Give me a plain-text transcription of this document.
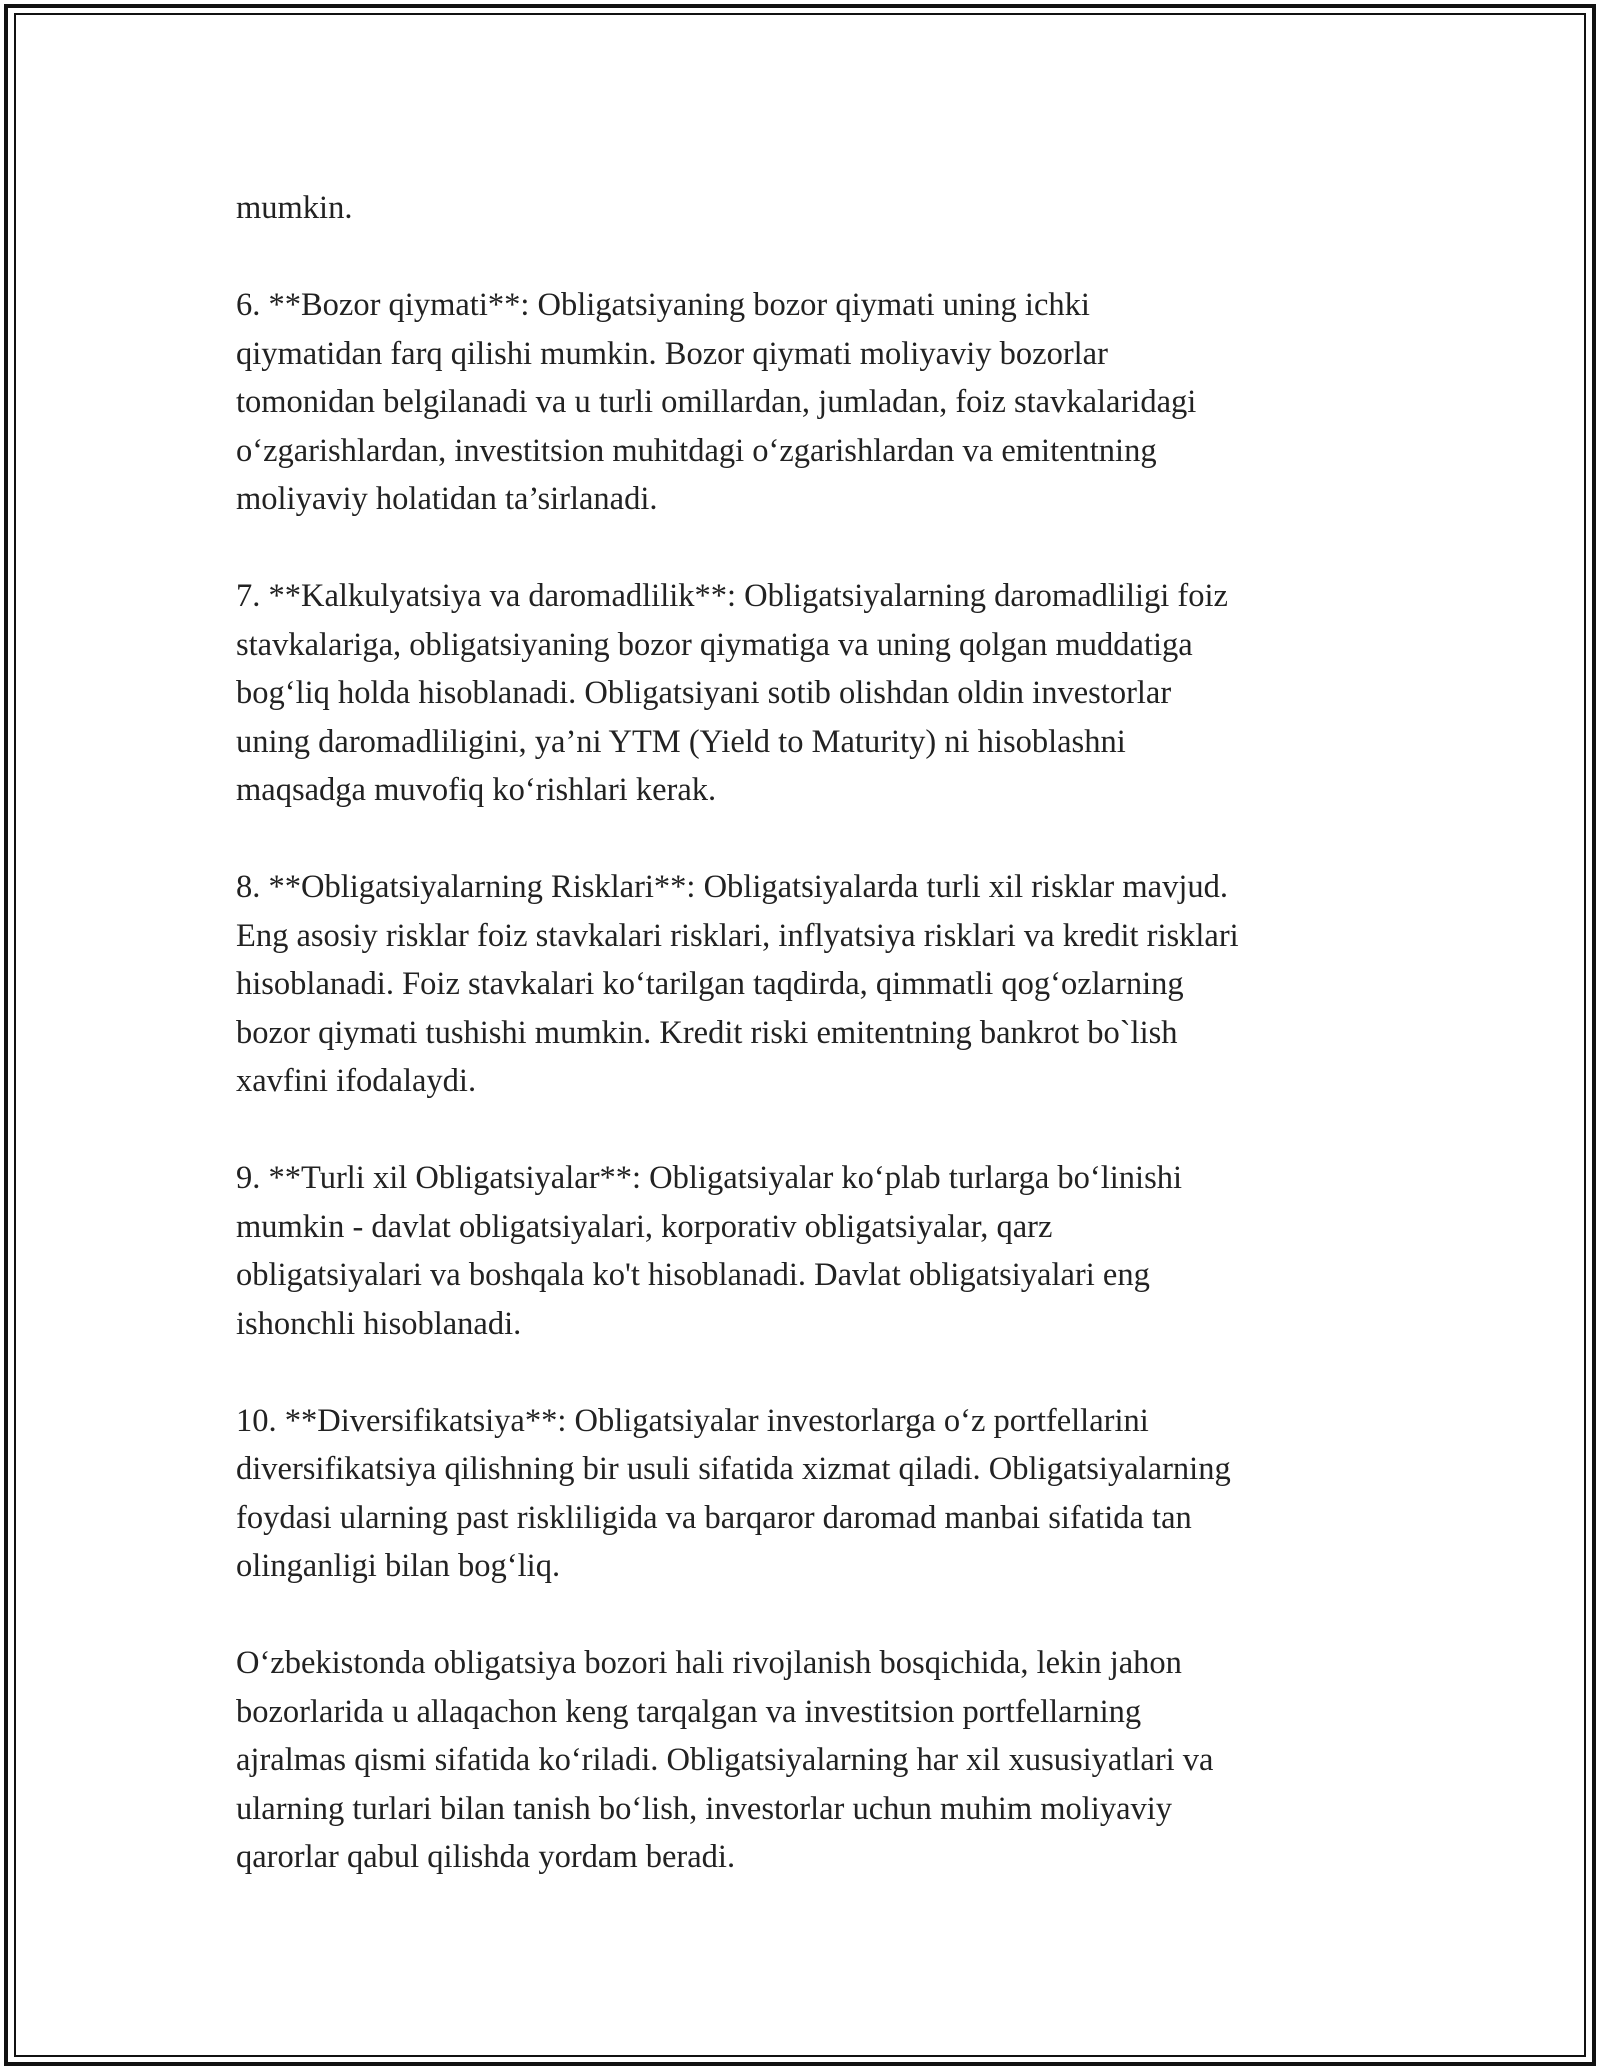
mumkin.

6. **Bozor qiymati**: Obligatsiyaning bozor qiymati uning ichki
qiymatidan farq qilishi mumkin. Bozor qiymati moliyaviy bozorlar
tomonidan belgilanadi va u turli omillardan, jumladan, foiz stavkalaridagi
o‘zgarishlardan, investitsion muhitdagi o‘zgarishlardan va emitentning
moliyaviy holatidan ta’sirlanadi.

7. **Kalkulyatsiya va daromadlilik**: Obligatsiyalarning daromadliligi foiz
stavkalariga, obligatsiyaning bozor qiymatiga va uning qolgan muddatiga
bog‘liq holda hisoblanadi. Obligatsiyani sotib olishdan oldin investorlar
uning daromadliligini, ya’ni YTM (Yield to Maturity) ni hisoblashni
maqsadga muvofiq ko‘rishlari kerak.

8. **Obligatsiyalarning Risklari**: Obligatsiyalarda turli xil risklar mavjud.
Eng asosiy risklar foiz stavkalari risklari, inflyatsiya risklari va kredit risklari
hisoblanadi. Foiz stavkalari ko‘tarilgan taqdirda, qimmatli qog‘ozlarning
bozor qiymati tushishi mumkin. Kredit riski emitentning bankrot bo`lish
xavfini ifodalaydi.

9. **Turli xil Obligatsiyalar**: Obligatsiyalar ko‘plab turlarga bo‘linishi
mumkin - davlat obligatsiyalari, korporativ obligatsiyalar, qarz
obligatsiyalari va boshqala ko't hisoblanadi. Davlat obligatsiyalari eng
ishonchli hisoblanadi.

10. **Diversifikatsiya**: Obligatsiyalar investorlarga o‘z portfellarini
diversifikatsiya qilishning bir usuli sifatida xizmat qiladi. Obligatsiyalarning
foydasi ularning past riskliligida va barqaror daromad manbai sifatida tan
olinganligi bilan bog‘liq.

O‘zbekistonda obligatsiya bozori hali rivojlanish bosqichida, lekin jahon
bozorlarida u allaqachon keng tarqalgan va investitsion portfellarning
ajralmas qismi sifatida ko‘riladi. Obligatsiyalarning har xil xususiyatlari va
ularning turlari bilan tanish bo‘lish, investorlar uchun muhim moliyaviy
qarorlar qabul qilishda yordam beradi.
